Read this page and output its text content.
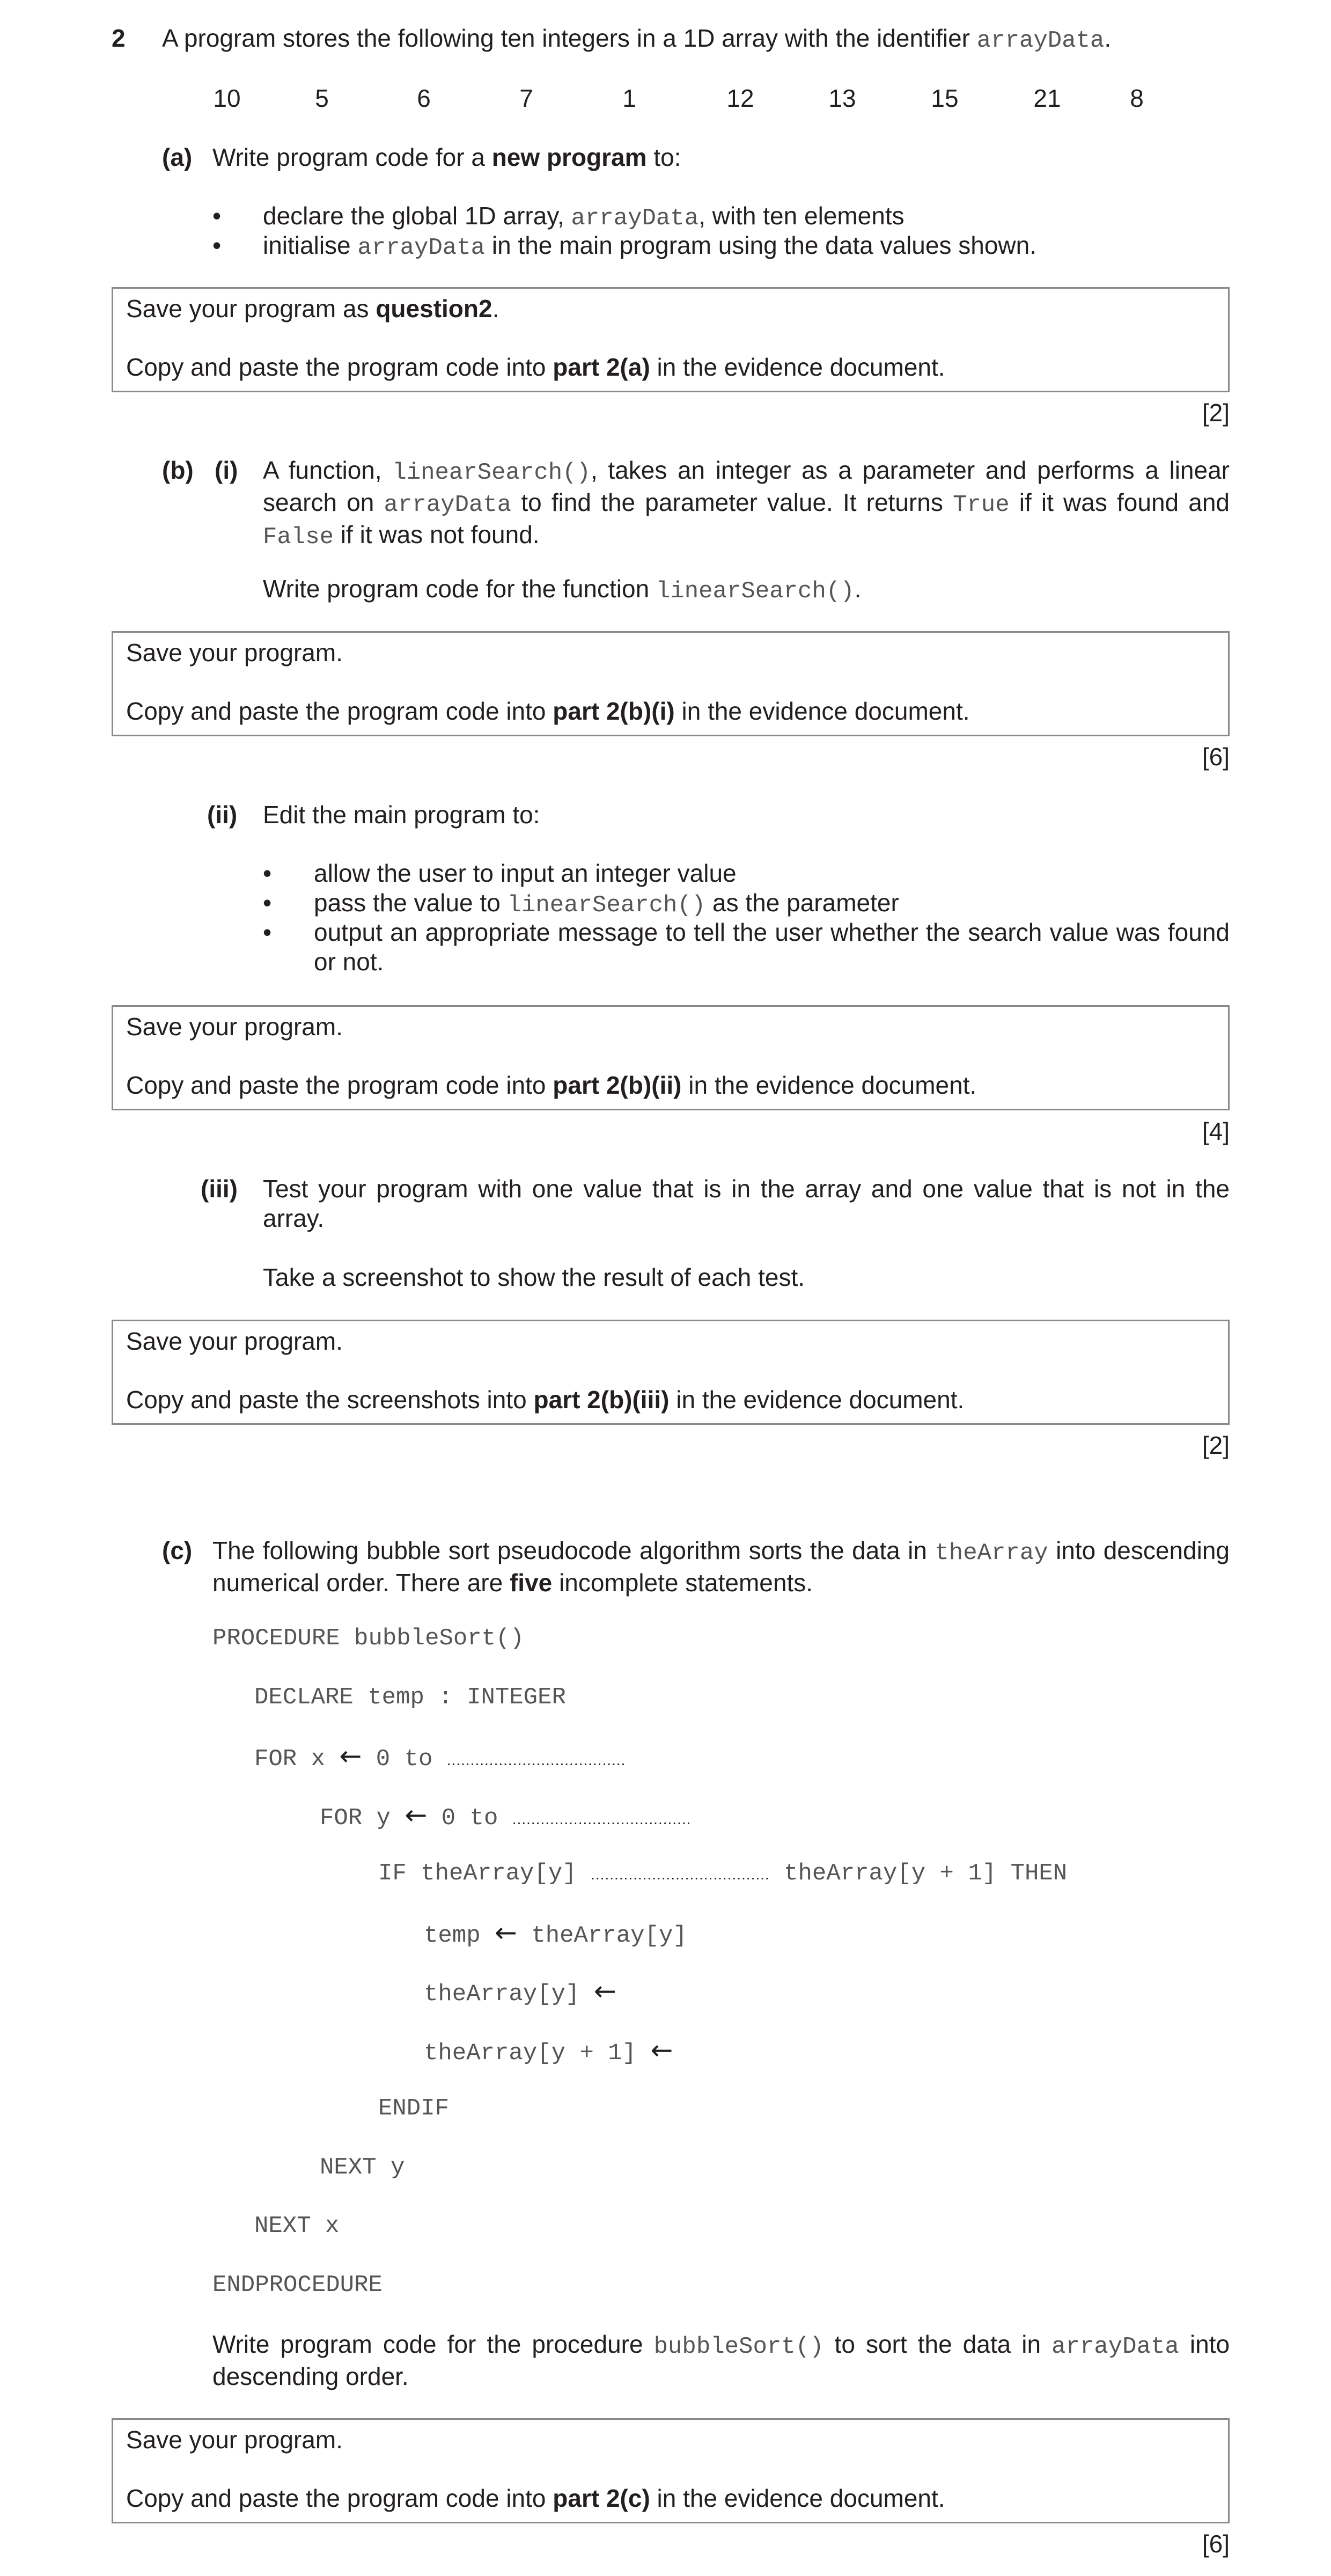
2 A program stores the following ten integers in a 1D array with the identifier arrayData.
10	5	6	7	1	12	13	15	21	8
(a) Write program code for a new program to:
• declare the global 1D array, arrayData, with ten elements
• initialise arrayData in the main program using the data values shown.
Save your program as question2.
Copy and paste the program code into part 2(a) in the evidence document.
[2]
(b) (i) A function, linearSearch(), takes an integer as a parameter and performs a linear search on arrayData to find the parameter value. It returns True if it was found and False if it was not found.
Write program code for the function linearSearch().
Save your program.
Copy and paste the program code into part 2(b)(i) in the evidence document.
[6]
(ii) Edit the main program to:
• allow the user to input an integer value
• pass the value to linearSearch() as the parameter
• output an appropriate message to tell the user whether the search value was found or not.
Save your program.
Copy and paste the program code into part 2(b)(ii) in the evidence document.
[4]
(iii) Test your program with one value that is in the array and one value that is not in the array.
Take a screenshot to show the result of each test.
Save your program.
Copy and paste the screenshots into part 2(b)(iii) in the evidence document.
[2]
(c) The following bubble sort pseudocode algorithm sorts the data in theArray into descending numerical order. There are five incomplete statements.
PROCEDURE bubbleSort()
DECLARE temp : INTEGER
FOR x ← 0 to ......................................
FOR y ← 0 to ......................................
IF theArray[y] ...................................... theArray[y + 1] THEN
temp ← theArray[y]
theArray[y] ←
theArray[y + 1] ←
ENDIF
NEXT y
NEXT x
ENDPROCEDURE
Write program code for the procedure bubbleSort() to sort the data in arrayData into descending order.
Save your program.
Copy and paste the program code into part 2(c) in the evidence document.
[6]
